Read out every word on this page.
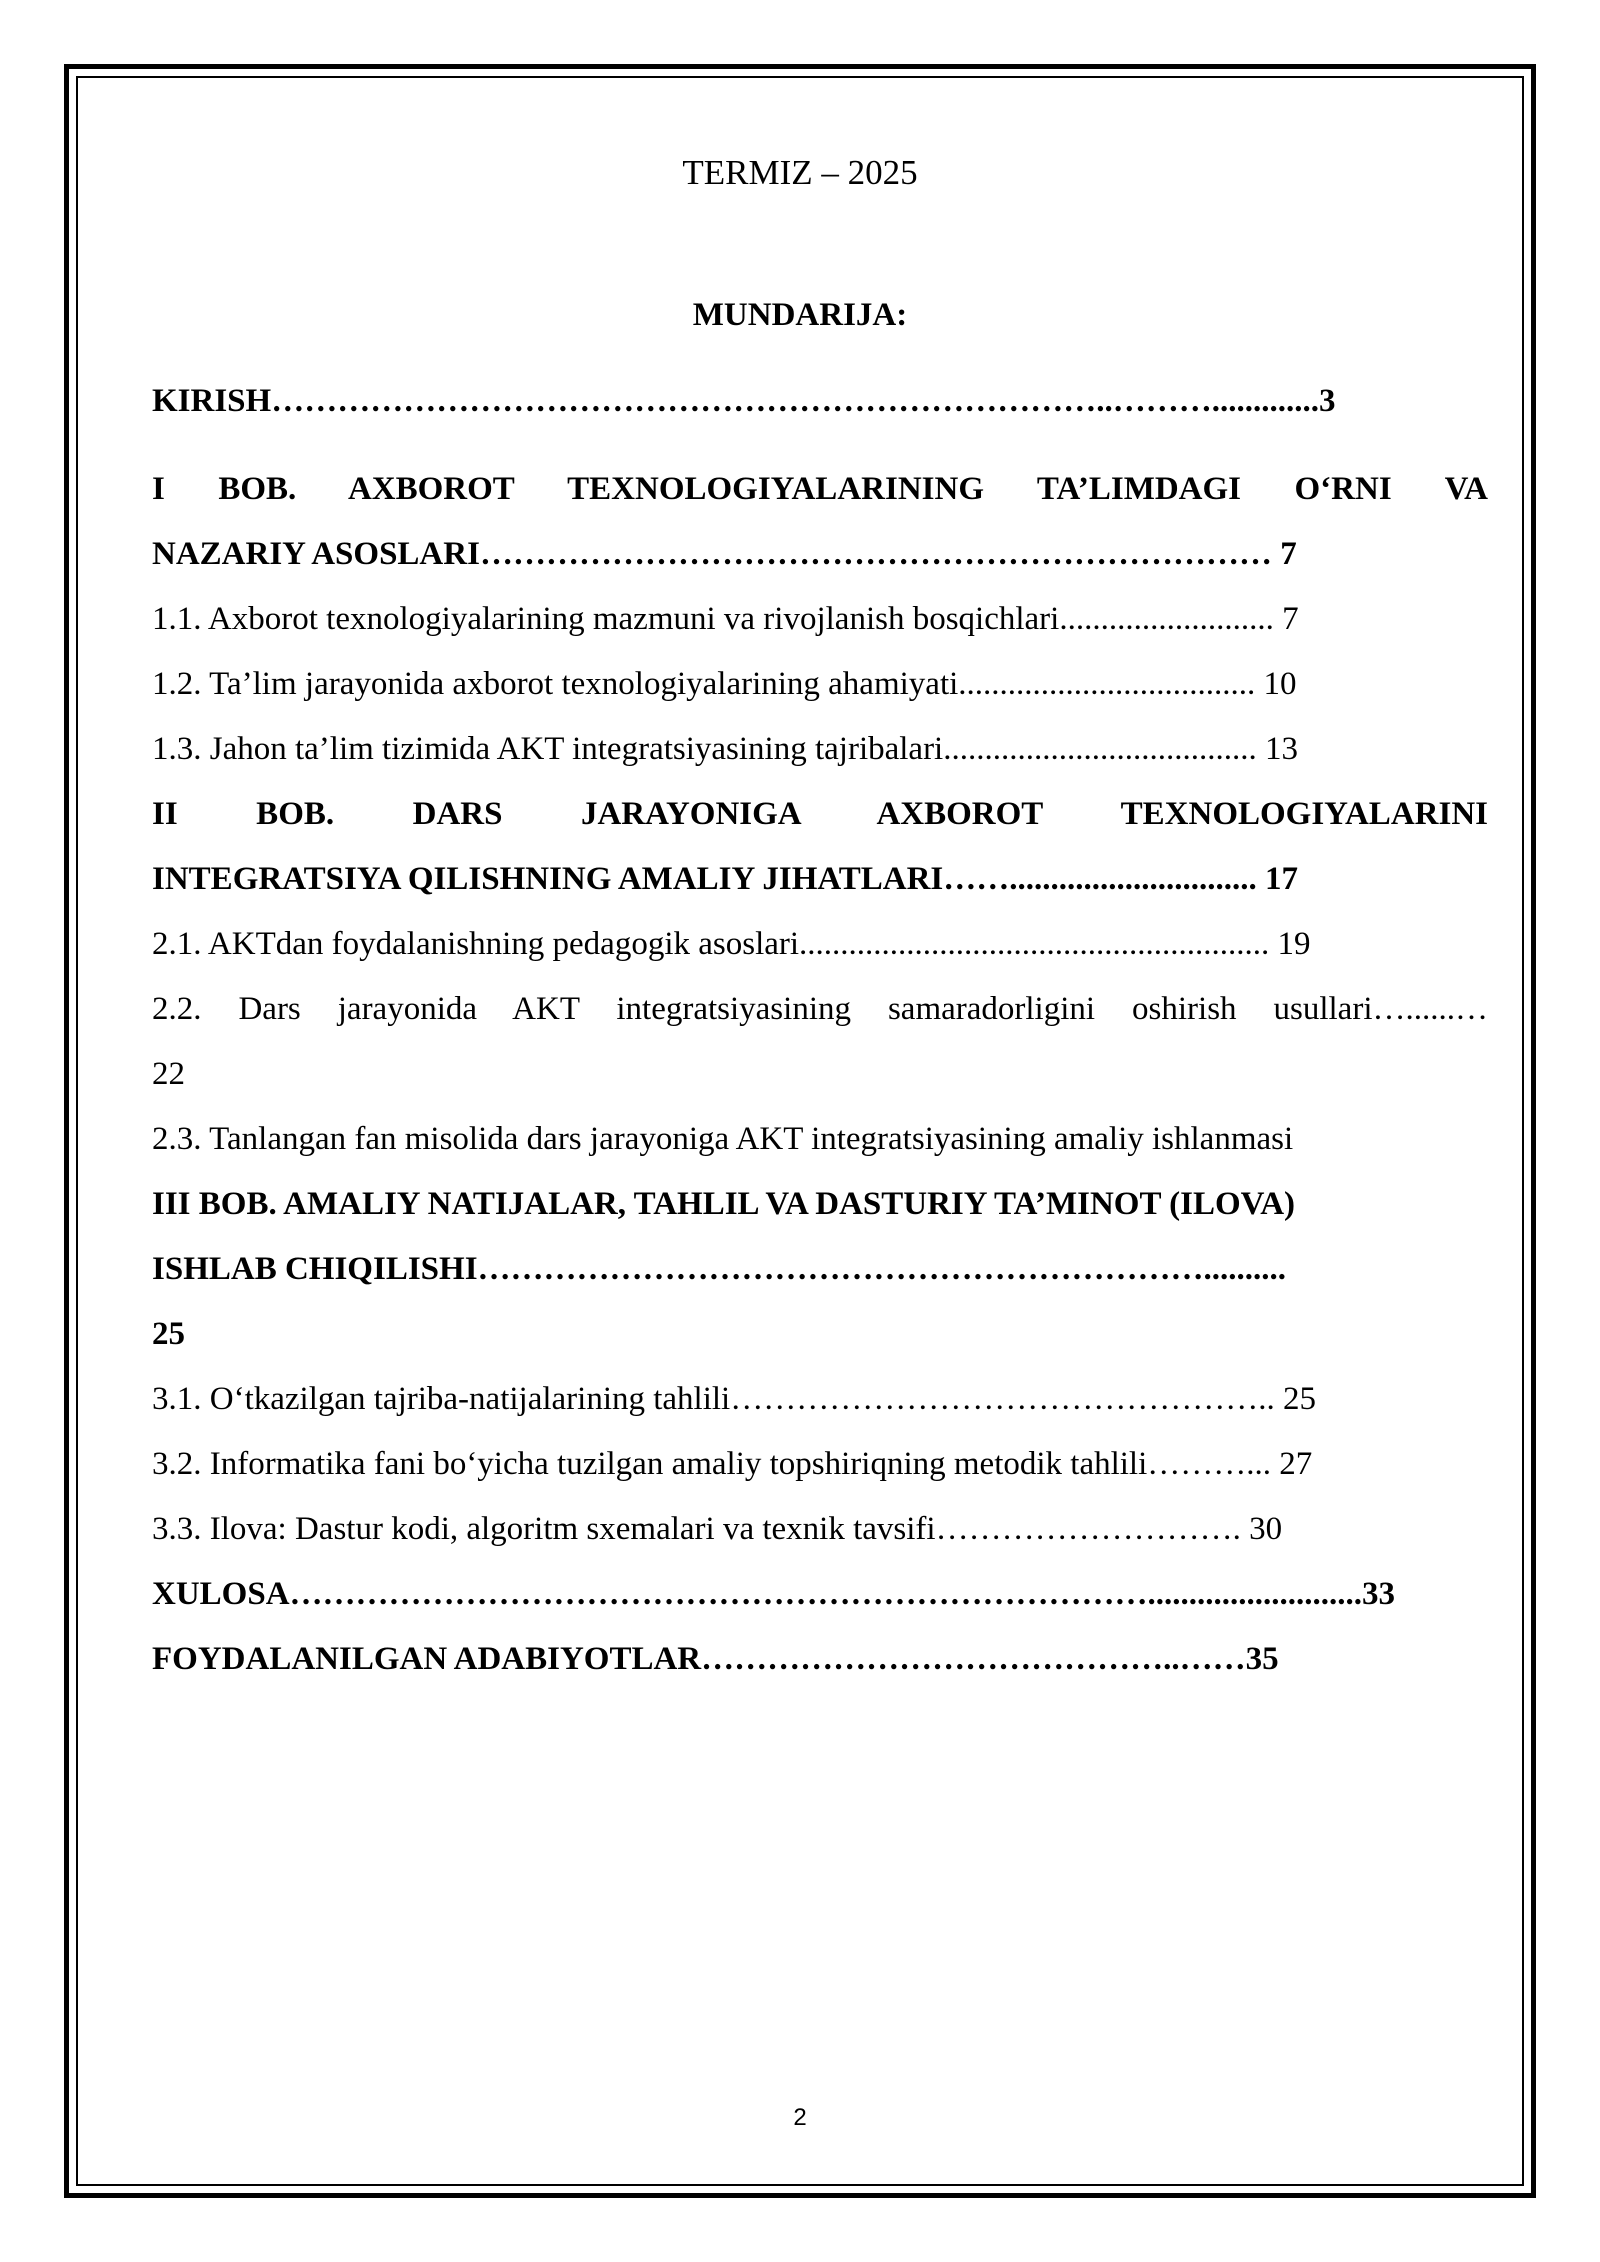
TERMIZ – 2025
MUNDARIJA:
KIRISH…………………………………………………………………..……….............3
I BOB. AXBOROT TEXNOLOGIYALARINING TA’LIMDAGI O‘RNI VA
NAZARIY ASOSLARI……………………………………………………………… 7
1.1. Axborot texnologiyalarining mazmuni va rivojlanish bosqichlari.......................... 7
1.2. Ta’lim jarayonida axborot texnologiyalarining ahamiyati.................................... 10
1.3. Jahon ta’lim tizimida AKT integratsiyasining tajribalari...................................... 13
II BOB. DARS JARAYONIGA AXBOROT TEXNOLOGIYALARINI
INTEGRATSIYA QILISHNING AMALIY JIHATLARI…….............................. 17
2.1. AKTdan foydalanishning pedagogik asoslari......................................................... 19
2.2. Dars jarayonida AKT integratsiyasining samaradorligini oshirish usullari…......…
22
2.3. Tanlangan fan misolida dars jarayoniga AKT integratsiyasining amaliy ishlanmasi
III BOB. AMALIY NATIJALAR, TAHLIL VA DASTURIY TA’MINOT (ILOVA)
ISHLAB CHIQILISHI…………………………………………………………..........
25
3.1. O‘tkazilgan tajriba-natijalarining tahlili………………………………………….. 25
3.2. Informatika fani bo‘yicha tuzilgan amaliy topshiriqning metodik tahlili………... 27
3.3. Ilova: Dastur kodi, algoritm sxemalari va texnik tavsifi………………………. 30
XULOSA……………………………………………………………………..........................33
FOYDALANILGAN ADABIYOTLAR……………………………………..……35
2
